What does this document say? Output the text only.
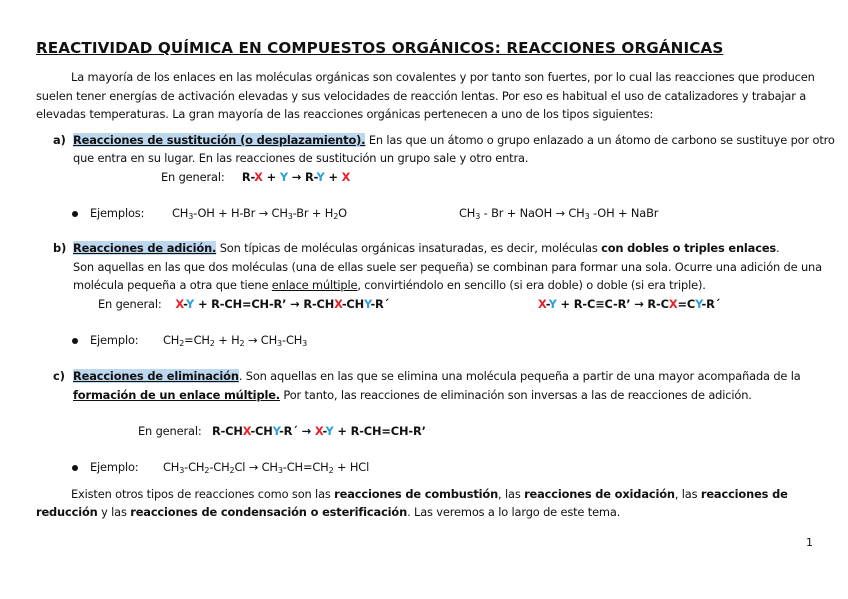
REACTIVIDAD QUÍMICA EN COMPUESTOS ORGÁNICOS: REACCIONES ORGÁNICAS
La mayoría de los enlaces en las moléculas orgánicas son covalentes y por tanto son fuertes, por lo cual las reacciones que producen
suelen tener energías de activación elevadas y sus velocidades de reacción lentas. Por eso es habitual el uso de catalizadores y trabajar a
elevadas temperaturas. La gran mayoría de las reacciones orgánicas pertenecen a uno de los tipos siguientes:
a) Reacciones de sustitución (o desplazamiento). En las que un átomo o grupo enlazado a un átomo de carbono se sustituye por otro
que entra en su lugar. En las reacciones de sustitución un grupo sale y otro entra.
En general: R-X + Y → R-Y + X
Ejemplos: $CH_3-OH + H-Br \to CH_3-Br + H_2O$	$CH_3$ - Br + NaOH → $CH_3$ -OH + NaBr
b) Reacciones de adición. Son típicas de moléculas orgánicas insaturadas, es decir, moléculas con dobles o triples enlaces.
Son aquellas en las que dos moléculas (una de ellas suele ser pequeña) se combinan para formar una sola. Ocurre una adición de una
molécula pequeña a otra que tiene enlace múltiple, convirtiéndolo en sencillo (si era doble) o doble (si era triple).
En general: X-Y + R-CH=CH-R’ → R-CHX-CHY-R´	X-Y + R-C≡C-R’ → R-CX=CY-R´
Ejemplo: $CH_2=CH_2 + H_2 \to CH_3-CH_3$
c) Reacciones de eliminación. Son aquellas en las que se elimina una molécula pequeña a partir de una mayor acompañada de la
formación de un enlace múltiple. Por tanto, las reacciones de eliminación son inversas a las de reacciones de adición.
En general: R-CHX-CHY-R´ → X-Y + R-CH=CH-R’
Ejemplo: $CH_3-CH_2-CH_2Cl \to CH_3-CH=CH_2$ + HCl
Existen otros tipos de reacciones como son las reacciones de combustión, las reacciones de oxidación, las reacciones de
reducción y las reacciones de condensación o esterificación. Las veremos a lo largo de este tema.
1
